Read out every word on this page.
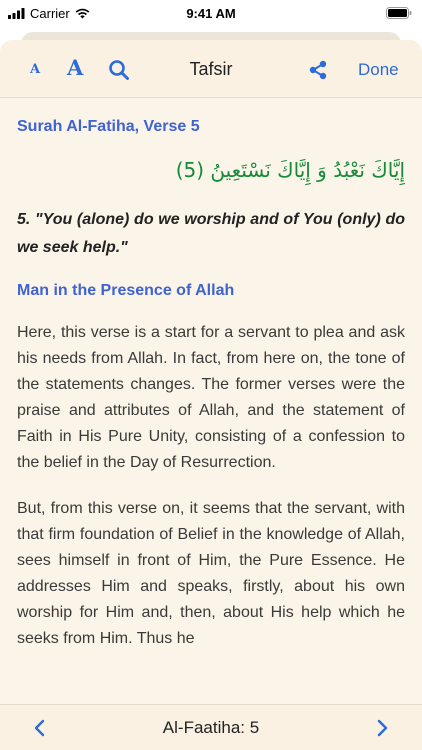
Carrier	9:41 AM
A A	Tafsir	Done
Surah Al-Fatiha, Verse 5
إِيَّاكَ نَعْبُدُ وَ إِيَّاكَ نَسْتَعِينُ (5)
5. "You (alone) do we worship and of You (only) do we seek help."
Man in the Presence of Allah

Here, this verse is a start for a servant to plea and ask his needs from Allah. In fact, from here on, the tone of the statements changes. The former verses were the praise and attributes of Allah, and the statement of Faith in His Pure Unity, consisting of a confession to the belief in the Day of Resurrection.

But, from this verse on, it seems that the servant, with that firm foundation of Belief in the knowledge of Allah, sees himself in front of Him, the Pure Essence. He addresses Him and speaks, firstly, about his own worship for Him and, then, about His help which he seeks from Him. Thus he

Al-Faatiha: 5
